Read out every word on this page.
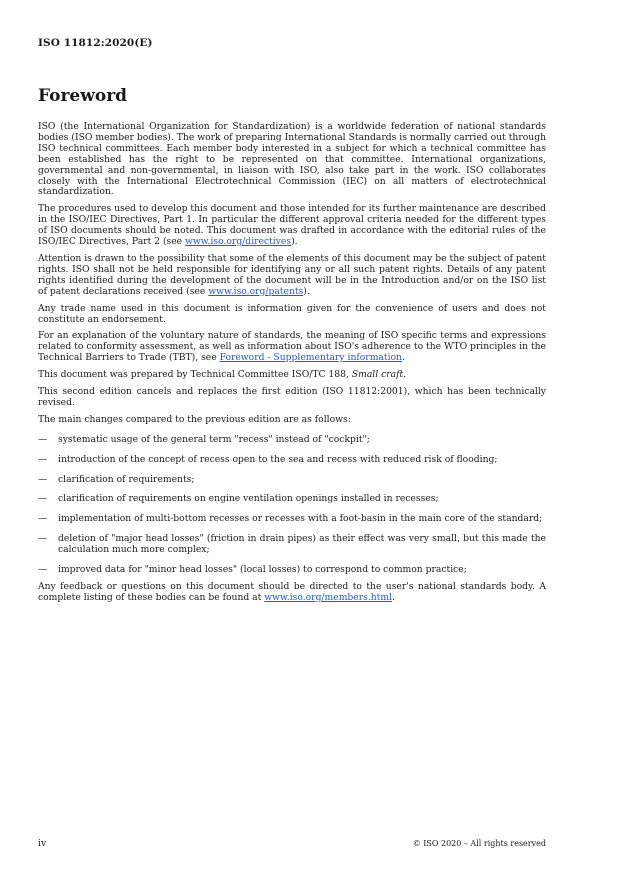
ISO 11812:2020(E)
Foreword

ISO (the International Organization for Standardization) is a worldwide federation of national standards bodies (ISO member bodies). The work of preparing International Standards is normally carried out through ISO technical committees. Each member body interested in a subject for which a technical committee has been established has the right to be represented on that committee. International organizations, governmental and non-governmental, in liaison with ISO, also take part in the work. ISO collaborates closely with the International Electrotechnical Commission (IEC) on all matters of electrotechnical standardization.

The procedures used to develop this document and those intended for its further maintenance are described in the ISO/IEC Directives, Part 1. In particular the different approval criteria needed for the different types of ISO documents should be noted. This document was drafted in accordance with the editorial rules of the ISO/IEC Directives, Part 2 (see www.iso.org/directives).

Attention is drawn to the possibility that some of the elements of this document may be the subject of patent rights. ISO shall not be held responsible for identifying any or all such patent rights. Details of any patent rights identified during the development of the document will be in the Introduction and/or on the ISO list of patent declarations received (see www.iso.org/patents).

Any trade name used in this document is information given for the convenience of users and does not constitute an endorsement.

For an explanation of the voluntary nature of standards, the meaning of ISO specific terms and expressions related to conformity assessment, as well as information about ISO's adherence to the WTO principles in the Technical Barriers to Trade (TBT), see Foreword - Supplementary information.

This document was prepared by Technical Committee ISO/TC 188, Small craft.

This second edition cancels and replaces the first edition (ISO 11812:2001), which has been technically revised.

The main changes compared to the previous edition are as follows:

—	systematic usage of the general term "recess" instead of "cockpit";
—	introduction of the concept of recess open to the sea and recess with reduced risk of flooding;
—	clarification of requirements;
—	clarification of requirements on engine ventilation openings installed in recesses;
—	implementation of multi-bottom recesses or recesses with a foot-basin in the main core of the standard;
—	deletion of "major head losses" (friction in drain pipes) as their effect was very small, but this made the calculation much more complex;
—	improved data for "minor head losses" (local losses) to correspond to common practice;

Any feedback or questions on this document should be directed to the user's national standards body. A complete listing of these bodies can be found at www.iso.org/members.html.

iv	© ISO 2020 – All rights reserved
